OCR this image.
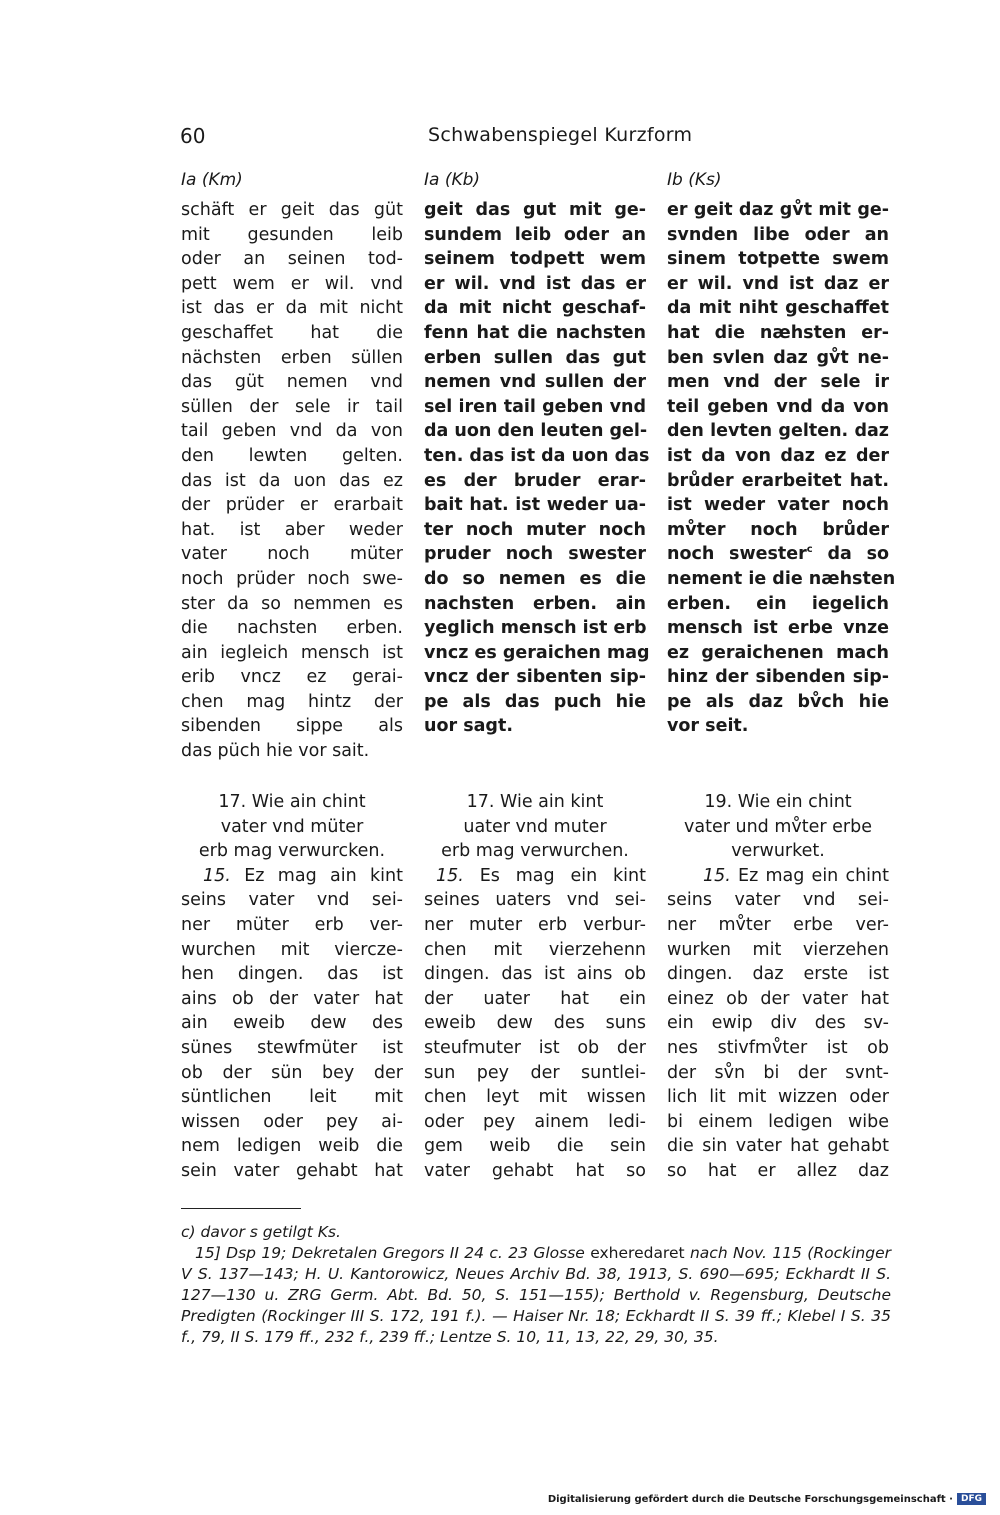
60	Schwabenspiegel Kurzform
Ia (Km)	Ia (Kb)	Ib (Ks)
schäft er geit das güt
mit gesunden leib
oder an seinen tod-
pett wem er wil. vnd
ist das er da mit nicht
geschaffet hat die
nächsten erben süllen
das güt nemen vnd
süllen der sele ir tail
tail geben vnd da von
den lewten gelten.
das ist da uon das ez
der prüder er erarbait
hat. ist aber weder
vater noch müter
noch prüder noch swe-
ster da so nemmen es
die nachsten erben.
ain iegleich mensch ist
erib vncz ez gerai-
chen mag hintz der
sibenden sippe als
das püch hie vor sait.
geit das gut mit ge-
sundem leib oder an
seinem todpett wem
er wil. vnd ist das er
da mit nicht geschaf-
fenn hat die nachsten
erben sullen das gut
nemen vnd sullen der
sel iren tail geben vnd
da uon den leuten gel-
ten. das ist da uon das
es der bruder erar-
bait hat. ist weder ua-
ter noch muter noch
pruder noch swester
do so nemen es die
nachsten erben. ain
yeglich mensch ist erb
vncz es geraichen mag
vncz der sibenten sip-
pe als das puch hie
uor sagt.
er geit daz gv̊t mit ge-
svnden libe oder an
sinem totpette swem
er wil. vnd ist daz er
da mit niht geschaffet
hat die næhsten er-
ben svlen daz gv̊t ne-
men vnd der sele ir
teil geben vnd da von
den levten gelten. daz
ist da von daz ez der
brůder erarbeitet hat.
ist weder vater noch
mv̊ter noch brůder
noch swester$^c$ da so
nement ie die næhsten
erben. ein iegelich
mensch ist erbe vnze
ez geraichenen mach
hinz der sibenden sip-
pe als daz bv̊ch hie
vor seit.
17. Wie ain chint
vater vnd müter
erb mag verwurcken.
15. Ez mag ain kint
seins vater vnd sei-
ner müter erb ver-
wurchen mit viercze-
hen dingen. das ist
ains ob der vater hat
ain eweib dew des
sünes stewfmüter ist
ob der sün bey der
süntlichen leit mit
wissen oder pey ai-
nem ledigen weib die
sein vater gehabt hat
17. Wie ain kint
uater vnd muter
erb mag verwurchen.
15. Es mag ein kint
seines uaters vnd sei-
ner muter erb verbur-
chen mit vierzehenn
dingen. das ist ains ob
der uater hat ein
eweib dew des suns
steufmuter ist ob der
sun pey der suntlei-
chen leyt mit wissen
oder pey ainem ledi-
gem weib die sein
vater gehabt hat so
19. Wie ein chint
vater und mv̊ter erbe
verwurket.
15. Ez mag ein chint
seins vater vnd sei-
ner mv̊ter erbe ver-
wurken mit vierzehen
dingen. daz erste ist
einez ob der vater hat
ein ewip div des sv-
nes stivfmv̊ter ist ob
der sv̊n bi der svnt-
lich lit mit wizzen oder
bi einem ledigen wibe
die sin vater hat gehabt
so hat er allez daz

c) davor s getilgt Ks.

15] Dsp 19; Dekretalen Gregors II 24 c. 23 Glosse exheredaret nach Nov. 115 (Rockinger V S. 137—143; H. U. Kantorowicz, Neues Archiv Bd. 38, 1913, S. 690—695; Eckhardt II S. 127—130 u. ZRG Germ. Abt. Bd. 50, S. 151—155); Berthold v. Regensburg, Deutsche Predigten (Rockinger III S. 172, 191 f.). — Haiser Nr. 18; Eckhardt II S. 39 ff.; Klebel I S. 35 f., 79, II S. 179 ff., 232 f., 239 ff.; Lentze S. 10, 11, 13, 22, 29, 30, 35.

Digitalisierung gefördert durch die Deutsche Forschungsgemeinschaft · DFG
